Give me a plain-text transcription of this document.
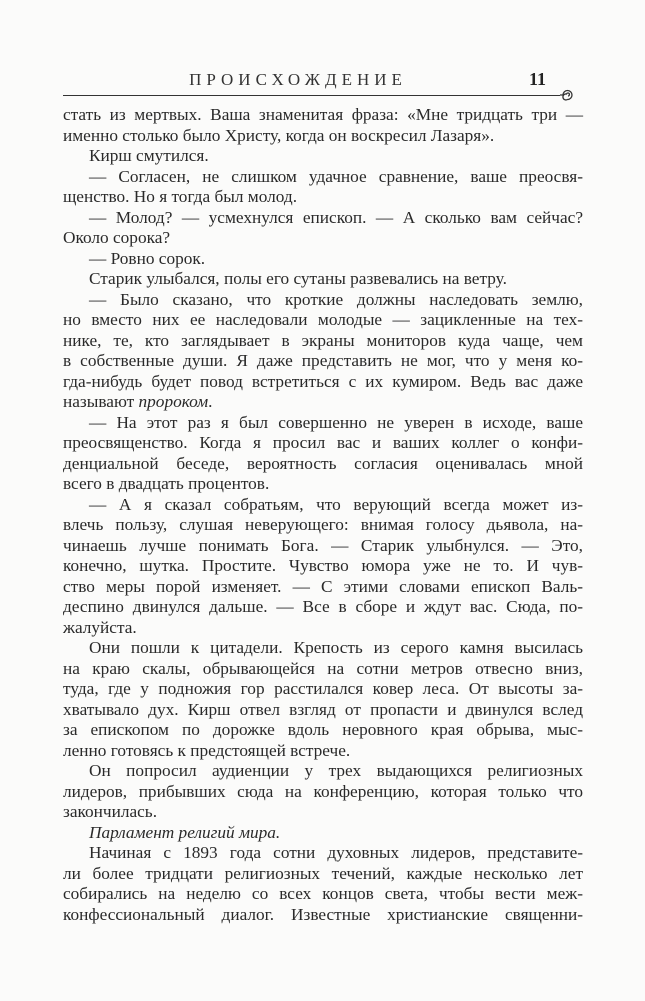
ПРОИСХОЖДЕНИЕ	11
стать из мертвых. Ваша знаменитая фраза: «Мне тридцать три —
именно столько было Христу, когда он воскресил Лазаря».
Кирш смутился.
— Согласен, не слишком удачное сравнение, ваше преосвя-
щенство. Но я тогда был молод.
— Молод? — усмехнулся епископ. — А сколько вам сейчас?
Около сорока?
— Ровно сорок.
Старик улыбался, полы его сутаны развевались на ветру.
— Было сказано, что кроткие должны наследовать землю,
но вместо них ее наследовали молодые — зацикленные на тех-
нике, те, кто заглядывает в экраны мониторов куда чаще, чем
в собственные души. Я даже представить не мог, что у меня ко-
гда-нибудь будет повод встретиться с их кумиром. Ведь вас даже
называют пророком.
— На этот раз я был совершенно не уверен в исходе, ваше
преосвященство. Когда я просил вас и ваших коллег о конфи-
денциальной беседе, вероятность согласия оценивалась мной
всего в двадцать процентов.
— А я сказал собратьям, что верующий всегда может из-
влечь пользу, слушая неверующего: внимая голосу дьявола, на-
чинаешь лучше понимать Бога. — Старик улыбнулся. — Это,
конечно, шутка. Простите. Чувство юмора уже не то. И чув-
ство меры порой изменяет. — С этими словами епископ Валь-
деспино двинулся дальше. — Все в сборе и ждут вас. Сюда, по-
жалуйста.
Они пошли к цитадели. Крепость из серого камня высилась
на краю скалы, обрывающейся на сотни метров отвесно вниз,
туда, где у подножия гор расстилался ковер леса. От высоты за-
хватывало дух. Кирш отвел взгляд от пропасти и двинулся вслед
за епископом по дорожке вдоль неровного края обрыва, мыс-
ленно готовясь к предстоящей встрече.
Он попросил аудиенции у трех выдающихся религиозных
лидеров, прибывших сюда на конференцию, которая только что
закончилась.
Парламент религий мира.
Начиная с 1893 года сотни духовных лидеров, представите-
ли более тридцати религиозных течений, каждые несколько лет
собирались на неделю со всех концов света, чтобы вести меж-
конфессиональный диалог. Известные христианские священни-
